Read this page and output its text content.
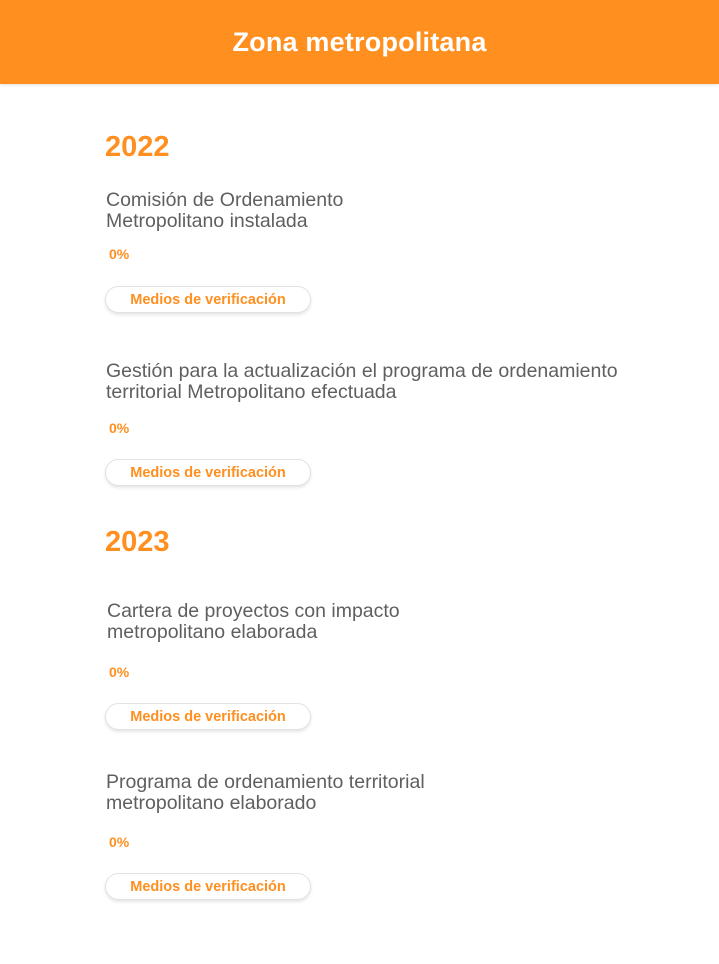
Zona metropolitana
2022
Comisión de Ordenamiento Metropolitano instalada
0%
Medios de verificación
Gestión para la actualización el programa de ordenamiento territorial Metropolitano efectuada
0%
Medios de verificación
2023
Cartera de proyectos con impacto metropolitano elaborada
0%
Medios de verificación
Programa de ordenamiento territorial metropolitano elaborado
0%
Medios de verificación
